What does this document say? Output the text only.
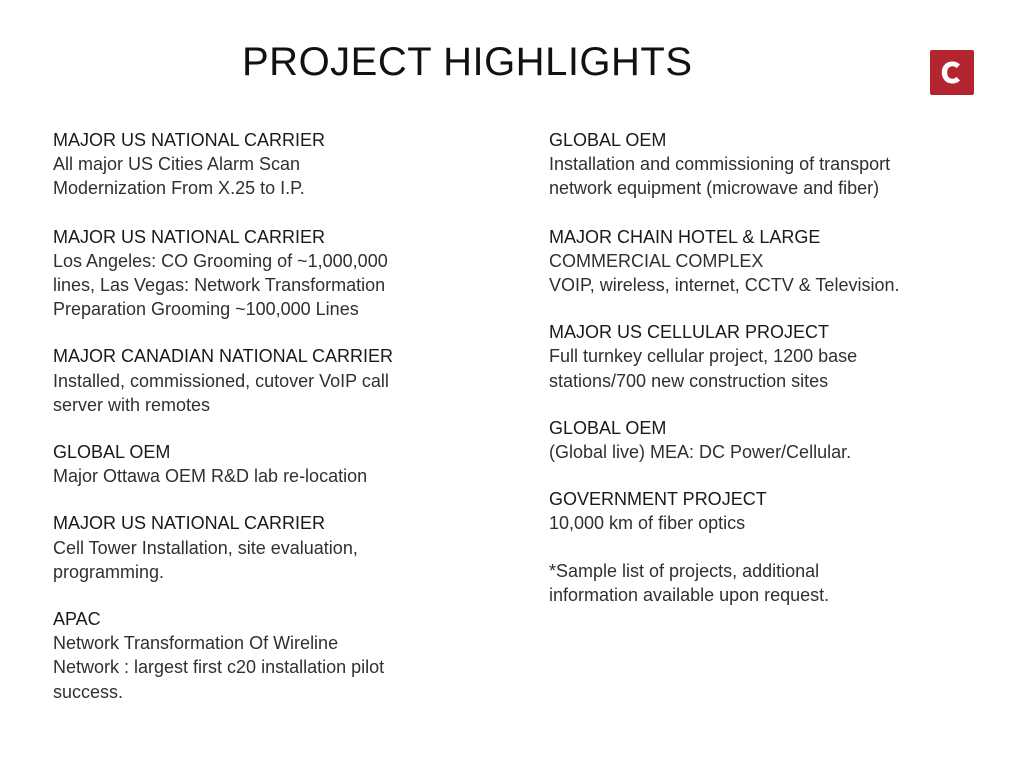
PROJECT HIGHLIGHTS
MAJOR US NATIONAL CARRIER
All major US Cities Alarm Scan
Modernization From X.25 to I.P.
MAJOR US NATIONAL CARRIER
Los Angeles: CO Grooming of ~1,000,000
lines, Las Vegas: Network Transformation
Preparation Grooming ~100,000 Lines
MAJOR CANADIAN NATIONAL CARRIER
Installed, commissioned, cutover VoIP call
server with remotes
GLOBAL OEM
Major Ottawa OEM R&D lab re-location
MAJOR US NATIONAL CARRIER
Cell Tower Installation, site evaluation,
programming.
APAC
Network Transformation Of Wireline
Network : largest first c20 installation pilot
success.
GLOBAL OEM
Installation and commissioning of transport
network equipment (microwave and fiber)
MAJOR CHAIN HOTEL & LARGE
COMMERCIAL COMPLEX
VOIP, wireless, internet, CCTV & Television.
MAJOR US CELLULAR PROJECT
Full turnkey cellular project, 1200 base
stations/700 new construction sites
GLOBAL OEM
(Global live) MEA: DC Power/Cellular.
GOVERNMENT PROJECT
10,000 km of fiber optics
*Sample list of projects, additional
information available upon request.
